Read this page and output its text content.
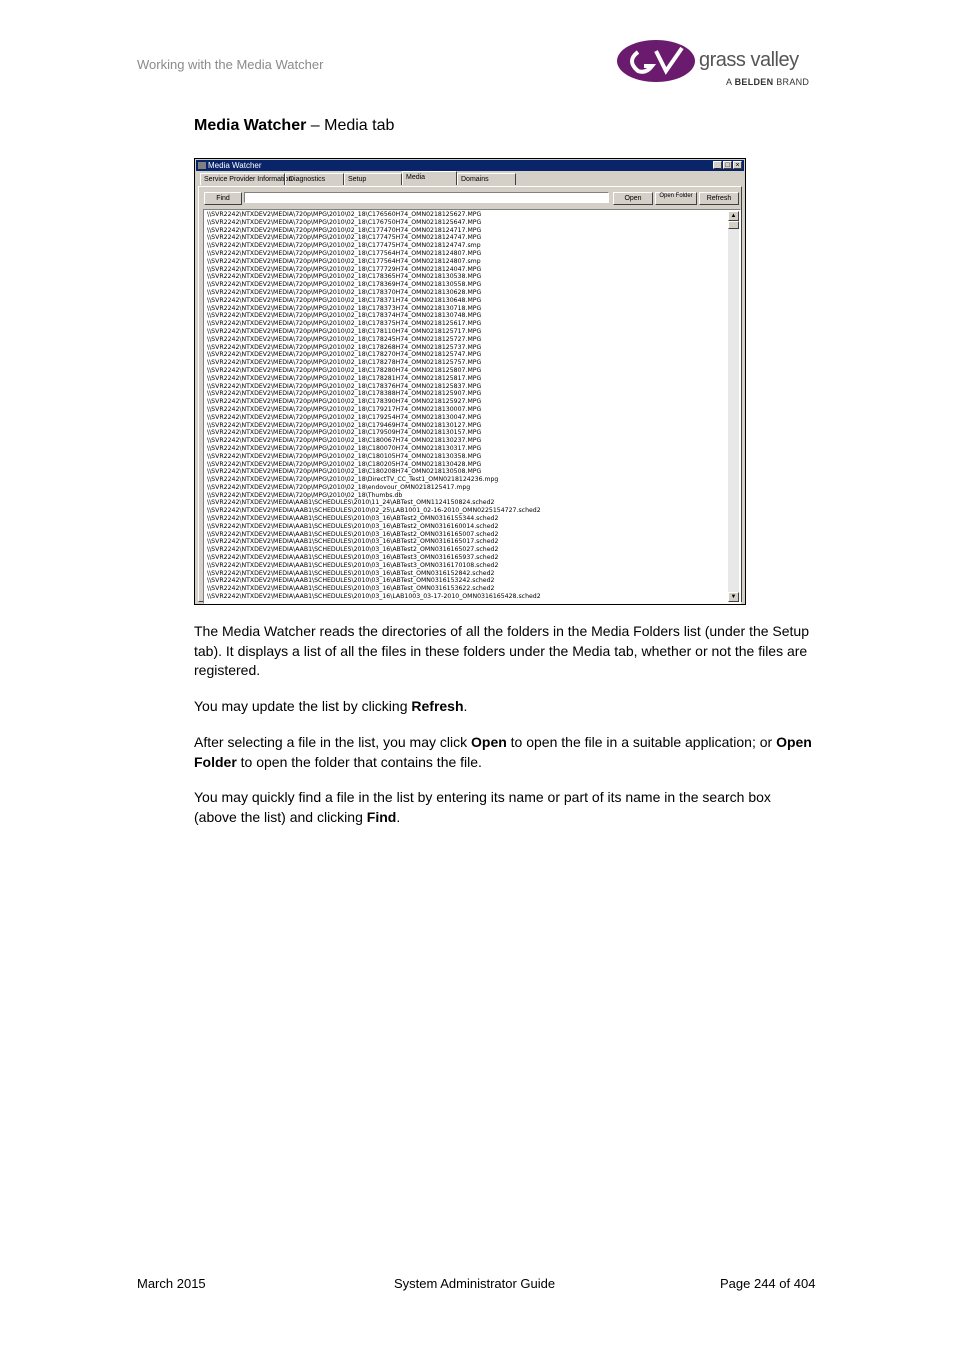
Working with the Media Watcher	grass valley
A BELDEN BRAND
Media Watcher – Media tab
Media Watcher	_ □ ×
Service Provider Information
Diagnostics	Setup	Media	Domains
Find	Open	Open Folder	Refresh
\\SVR2242\NTXDEV2\MEDIA\720p\MPG\2010\02_18\C176560H74_OMN0218125627.MPG
\\SVR2242\NTXDEV2\MEDIA\720p\MPG\2010\02_18\C176750H74_OMN0218125647.MPG
\\SVR2242\NTXDEV2\MEDIA\720p\MPG\2010\02_18\C177470H74_OMN0218124717.MPG
\\SVR2242\NTXDEV2\MEDIA\720p\MPG\2010\02_18\C177475H74_OMN0218124747.MPG
\\SVR2242\NTXDEV2\MEDIA\720p\MPG\2010\02_18\C177475H74_OMN0218124747.smp
\\SVR2242\NTXDEV2\MEDIA\720p\MPG\2010\02_18\C177564H74_OMN0218124807.MPG
\\SVR2242\NTXDEV2\MEDIA\720p\MPG\2010\02_18\C177564H74_OMN0218124807.smp
\\SVR2242\NTXDEV2\MEDIA\720p\MPG\2010\02_18\C177729H74_OMN0218124047.MPG
\\SVR2242\NTXDEV2\MEDIA\720p\MPG\2010\02_18\C178365H74_OMN0218130538.MPG
\\SVR2242\NTXDEV2\MEDIA\720p\MPG\2010\02_18\C178369H74_OMN0218130558.MPG
\\SVR2242\NTXDEV2\MEDIA\720p\MPG\2010\02_18\C178370H74_OMN0218130628.MPG
\\SVR2242\NTXDEV2\MEDIA\720p\MPG\2010\02_18\C178371H74_OMN0218130648.MPG
\\SVR2242\NTXDEV2\MEDIA\720p\MPG\2010\02_18\C178373H74_OMN0218130718.MPG
\\SVR2242\NTXDEV2\MEDIA\720p\MPG\2010\02_18\C178374H74_OMN0218130748.MPG
\\SVR2242\NTXDEV2\MEDIA\720p\MPG\2010\02_18\C178375H74_OMN0218125617.MPG
\\SVR2242\NTXDEV2\MEDIA\720p\MPG\2010\02_18\C178110H74_OMN0218125717.MPG
\\SVR2242\NTXDEV2\MEDIA\720p\MPG\2010\02_18\C178245H74_OMN0218125727.MPG
\\SVR2242\NTXDEV2\MEDIA\720p\MPG\2010\02_18\C178268H74_OMN0218125737.MPG
\\SVR2242\NTXDEV2\MEDIA\720p\MPG\2010\02_18\C178270H74_OMN0218125747.MPG
\\SVR2242\NTXDEV2\MEDIA\720p\MPG\2010\02_18\C178278H74_OMN0218125757.MPG
\\SVR2242\NTXDEV2\MEDIA\720p\MPG\2010\02_18\C178280H74_OMN0218125807.MPG
\\SVR2242\NTXDEV2\MEDIA\720p\MPG\2010\02_18\C178281H74_OMN0218125817.MPG
\\SVR2242\NTXDEV2\MEDIA\720p\MPG\2010\02_18\C178376H74_OMN0218125837.MPG
\\SVR2242\NTXDEV2\MEDIA\720p\MPG\2010\02_18\C178388H74_OMN0218125907.MPG
\\SVR2242\NTXDEV2\MEDIA\720p\MPG\2010\02_18\C178390H74_OMN0218125927.MPG
\\SVR2242\NTXDEV2\MEDIA\720p\MPG\2010\02_18\C179217H74_OMN0218130007.MPG
\\SVR2242\NTXDEV2\MEDIA\720p\MPG\2010\02_18\C179254H74_OMN0218130047.MPG
\\SVR2242\NTXDEV2\MEDIA\720p\MPG\2010\02_18\C179469H74_OMN0218130127.MPG
\\SVR2242\NTXDEV2\MEDIA\720p\MPG\2010\02_18\C179509H74_OMN0218130157.MPG
\\SVR2242\NTXDEV2\MEDIA\720p\MPG\2010\02_18\C180067H74_OMN0218130237.MPG
\\SVR2242\NTXDEV2\MEDIA\720p\MPG\2010\02_18\C180070H74_OMN0218130317.MPG
\\SVR2242\NTXDEV2\MEDIA\720p\MPG\2010\02_18\C180105H74_OMN0218130358.MPG
\\SVR2242\NTXDEV2\MEDIA\720p\MPG\2010\02_18\C180205H74_OMN0218130428.MPG
\\SVR2242\NTXDEV2\MEDIA\720p\MPG\2010\02_18\C180208H74_OMN0218130508.MPG
\\SVR2242\NTXDEV2\MEDIA\720p\MPG\2010\02_18\DirectTV_CC_Test1_OMN0218124236.mpg
\\SVR2242\NTXDEV2\MEDIA\720p\MPG\2010\02_18\endovour_OMN0218125417.mpg
\\SVR2242\NTXDEV2\MEDIA\720p\MPG\2010\02_18\Thumbs.db
\\SVR2242\NTXDEV2\MEDIA\AAB1\SCHEDULES\2010\11_24\ABTest_OMN1124150824.sched2
\\SVR2242\NTXDEV2\MEDIA\AAB1\SCHEDULES\2010\02_25\LAB1001_02-16-2010_OMN0225154727.sched2
\\SVR2242\NTXDEV2\MEDIA\AAB1\SCHEDULES\2010\03_16\ABTest2_OMN0316155344.sched2
\\SVR2242\NTXDEV2\MEDIA\AAB1\SCHEDULES\2010\03_16\ABTest2_OMN0316160014.sched2
\\SVR2242\NTXDEV2\MEDIA\AAB1\SCHEDULES\2010\03_16\ABTest2_OMN0316165007.sched2
\\SVR2242\NTXDEV2\MEDIA\AAB1\SCHEDULES\2010\03_16\ABTest2_OMN0316165017.sched2
\\SVR2242\NTXDEV2\MEDIA\AAB1\SCHEDULES\2010\03_16\ABTest2_OMN0316165027.sched2
\\SVR2242\NTXDEV2\MEDIA\AAB1\SCHEDULES\2010\03_16\ABTest3_OMN0316165937.sched2
\\SVR2242\NTXDEV2\MEDIA\AAB1\SCHEDULES\2010\03_16\ABTest3_OMN0316170108.sched2
\\SVR2242\NTXDEV2\MEDIA\AAB1\SCHEDULES\2010\03_16\ABTest_OMN0316152842.sched2
\\SVR2242\NTXDEV2\MEDIA\AAB1\SCHEDULES\2010\03_16\ABTest_OMN0316153242.sched2
\\SVR2242\NTXDEV2\MEDIA\AAB1\SCHEDULES\2010\03_16\ABTest_OMN0316153622.sched2
\\SVR2242\NTXDEV2\MEDIA\AAB1\SCHEDULES\2010\03_16\LAB1003_03-17-2010_OMN0316165428.sched2
▲
▼
The Media Watcher reads the directories of all the folders in the Media Folders list (under the Setup tab). It displays a list of all the files in these folders under the Media tab, whether or not the files are registered.
You may update the list by clicking Refresh.
After selecting a file in the list, you may click Open to open the file in a suitable application; or Open Folder to open the folder that contains the file.
You may quickly find a file in the list by entering its name or part of its name in the search box (above the list) and clicking Find.
March 2015	System Administrator Guide	Page 244 of 404
